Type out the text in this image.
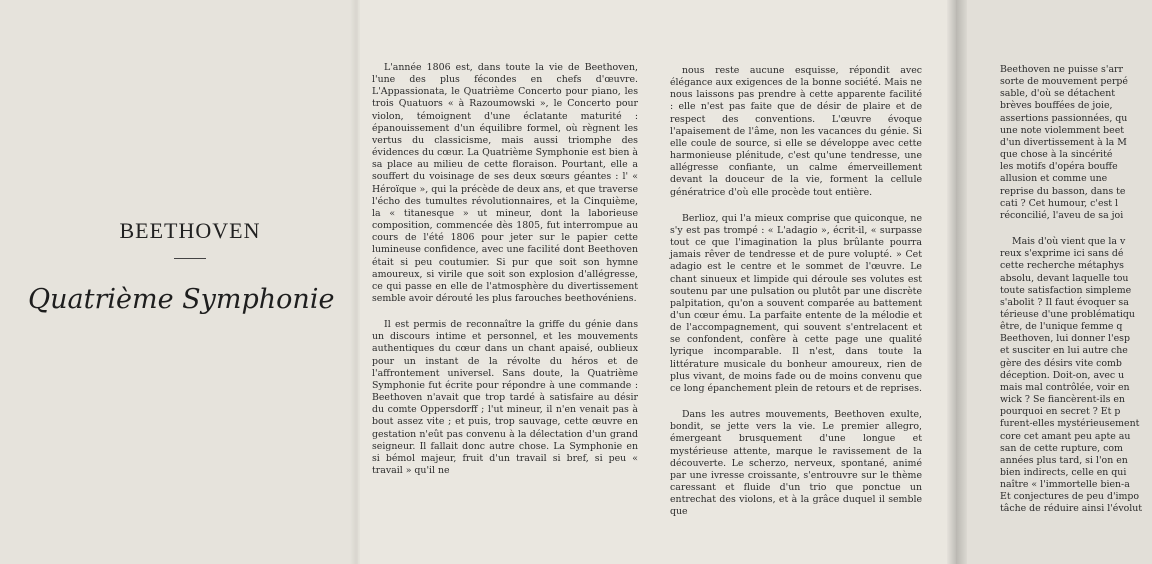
BEETHOVEN
Quatrième Symphonie

L'année 1806 est, dans toute la vie de Beethoven, l'une des plus fécondes en chefs d'œuvre. L'Appassionata, le Quatrième Concerto pour piano, les trois Quatuors « à Razoumowski », le Concerto pour violon, témoignent d'une éclatante maturité : épanouissement d'un équilibre formel, où règnent les vertus du classicisme, mais aussi triomphe des évidences du cœur. La Quatrième Symphonie est bien à sa place au milieu de cette floraison. Pourtant, elle a souffert du voisinage de ses deux sœurs géantes : l' « Héroïque », qui la précède de deux ans, et que traverse l'écho des tumultes révolutionnaires, et la Cinquième, la « titanesque » ut mineur, dont la laborieuse composition, commencée dès 1805, fut interrompue au cours de l'été 1806 pour jeter sur le papier cette lumineuse confidence, avec une facilité dont Beethoven était si peu coutumier. Si pur que soit son hymne amoureux, si virile que soit son explosion d'allégresse, ce qui passe en elle de l'atmosphère du divertissement semble avoir dérouté les plus farouches beethovéniens.

Il est permis de reconnaître la griffe du génie dans un discours intime et personnel, et les mouvements authentiques du cœur dans un chant apaisé, oublieux pour un instant de la révolte du héros et de l'affrontement universel. Sans doute, la Quatrième Symphonie fut écrite pour répondre à une commande : Beethoven n'avait que trop tardé à satisfaire au désir du comte Oppersdorff ; l'ut mineur, il n'en venait pas à bout assez vite ; et puis, trop sauvage, cette œuvre en gestation n'eût pas convenu à la délectation d'un grand seigneur. Il fallait donc autre chose. La Symphonie en si bémol majeur, fruit d'un travail si bref, si peu « travail » qu'il ne

nous reste aucune esquisse, répondit avec élégance aux exigences de la bonne société. Mais ne nous laissons pas prendre à cette apparente facilité : elle n'est pas faite que de désir de plaire et de respect des conventions. L'œuvre évoque l'apaisement de l'âme, non les vacances du génie. Si elle coule de source, si elle se développe avec cette harmonieuse plénitude, c'est qu'une tendresse, une allégresse confiante, un calme émerveillement devant la douceur de la vie, forment la cellule génératrice d'où elle procède tout entière.

Berlioz, qui l'a mieux comprise que quiconque, ne s'y est pas trompé : « L'adagio », écrit-il, « surpasse tout ce que l'imagination la plus brûlante pourra jamais rêver de tendresse et de pure volupté. » Cet adagio est le centre et le sommet de l'œuvre. Le chant sinueux et limpide qui déroule ses volutes est soutenu par une pulsation ou plutôt par une discrète palpitation, qu'on a souvent comparée au battement d'un cœur ému. La parfaite entente de la mélodie et de l'accompagnement, qui souvent s'entrelacent et se confondent, confère à cette page une qualité lyrique incomparable. Il n'est, dans toute la littérature musicale du bonheur amoureux, rien de plus vivant, de moins fade ou de moins convenu que ce long épanchement plein de retours et de reprises.

Dans les autres mouvements, Beethoven exulte, bondit, se jette vers la vie. Le premier allegro, émergeant brusquement d'une longue et mystérieuse attente, marque le ravissement de la découverte. Le scherzo, nerveux, spontané, animé par une ivresse croissante, s'entrouvre sur le thème caressant et fluide d'un trio que ponctue un entrechat des violons, et à la grâce duquel il semble que

Beethoven ne puisse s'arr
sorte de mouvement perpé
sable, d'où se détachent
brèves bouffées de joie,
assertions passionnées, qu
une note violemment beet
d'un divertissement à la M
que chose à la sincérité
les motifs d'opéra bouffe
allusion et comme une
reprise du basson, dans te
cati ? Cet humour, c'est l
réconcilié, l'aveu de sa joi

Mais d'où vient que la v
reux s'exprime ici sans dé
cette recherche métaphys
absolu, devant laquelle tou
toute satisfaction simpleme
s'abolit ? Il faut évoquer sa
térieuse d'une problématiqu
être, de l'unique femme q
Beethoven, lui donner l'esp
et susciter en lui autre che
gère des désirs vite comb
déception. Doit-on, avec u
mais mal contrôlée, voir en
wick ? Se fiancèrent-ils en
pourquoi en secret ? Et p
furent-elles mystérieusement
core cet amant peu apte au
san de cette rupture, com
années plus tard, si l'on en
bien indirects, celle en qui
naître « l'immortelle bien-a
Et conjectures de peu d'impo
tâche de réduire ainsi l'évolut
